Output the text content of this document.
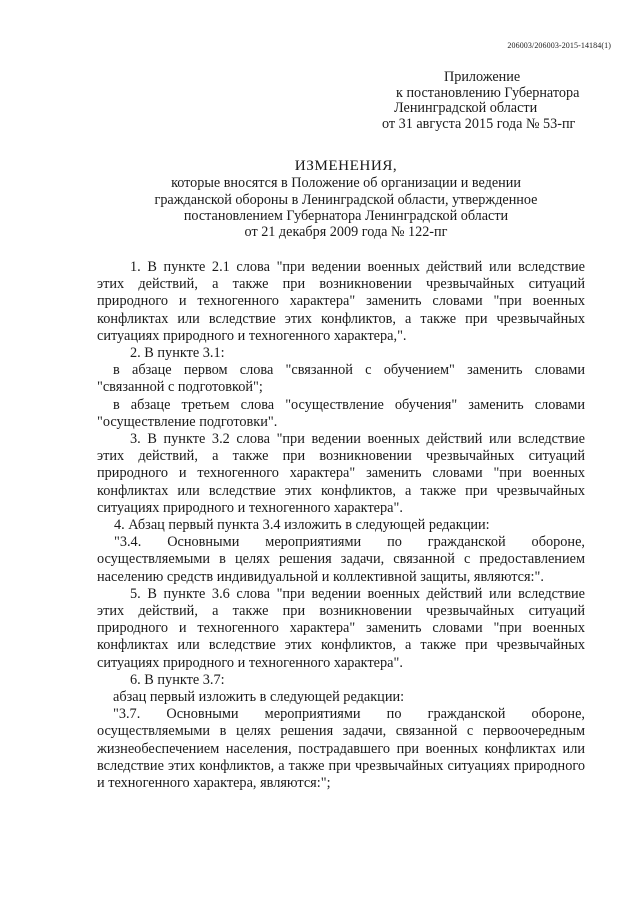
206003/206003-2015-14184(1)
Приложение
к постановлению Губернатора
Ленинградской области
от 31 августа 2015 года № 53-пг
ИЗМЕНЕНИЯ,
которые вносятся в Положение об организации и ведении
гражданской обороны в Ленинградской области, утвержденное
постановлением Губернатора Ленинградской области
от 21 декабря 2009 года № 122-пг

1. В пункте 2.1 слова "при ведении военных действий или вследствие этих действий, а также при возникновении чрезвычайных ситуаций природного и техногенного характера" заменить словами "при военных конфликтах или вследствие этих конфликтов, а также при чрезвычайных ситуациях природного и техногенного характера,".

2. В пункте 3.1:

в абзаце первом слова "связанной с обучением" заменить словами "связанной с подготовкой";

в абзаце третьем слова "осуществление обучения" заменить словами "осуществление подготовки".

3. В пункте 3.2 слова "при ведении военных действий или вследствие этих действий, а также при возникновении чрезвычайных ситуаций природного и техногенного характера" заменить словами "при военных конфликтах или вследствие этих конфликтов, а также при чрезвычайных ситуациях природного и техногенного характера".

4. Абзац первый пункта 3.4 изложить в следующей редакции:

"3.4. Основными мероприятиями по гражданской обороне, осуществляемыми в целях решения задачи, связанной с предоставлением населению средств индивидуальной и коллективной защиты, являются:".

5. В пункте 3.6 слова "при ведении военных действий или вследствие этих действий, а также при возникновении чрезвычайных ситуаций природного и техногенного характера" заменить словами "при военных конфликтах или вследствие этих конфликтов, а также при чрезвычайных ситуациях природного и техногенного характера".

6. В пункте 3.7:

абзац первый изложить в следующей редакции:

"3.7. Основными мероприятиями по гражданской обороне, осуществляемыми в целях решения задачи, связанной с первоочередным жизнеобеспечением населения, пострадавшего при военных конфликтах или вследствие этих конфликтов, а также при чрезвычайных ситуациях природного и техногенного характера, являются:";
